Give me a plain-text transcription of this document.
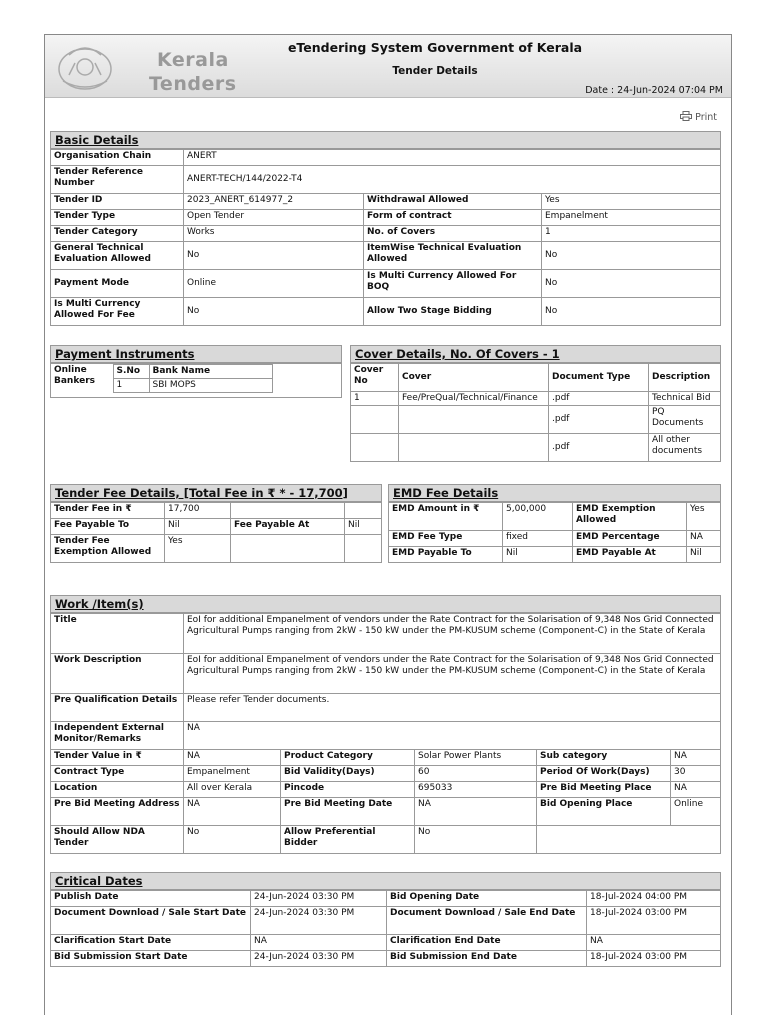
Kerala
Tenders
eTendering System Government of Kerala
Tender Details
Date : 24-Jun-2024 07:04 PM
Print
Basic Details
Organisation Chain	ANERT		
Tender Reference Number	ANERT-TECH/144/2022-T4		
Tender ID	2023_ANERT_614977_2	Withdrawal Allowed	Yes
Tender Type	Open Tender	Form of contract	Empanelment
Tender Category	Works	No. of Covers	1
General Technical Evaluation Allowed	No	ItemWise Technical Evaluation Allowed	No
Payment Mode	Online	Is Multi Currency Allowed For BOQ	No
Is Multi Currency Allowed For Fee	No	Allow Two Stage Bidding	No
Payment Instruments
Online Bankers	
S.No	Bank Name
1	SBI MOPS
Cover Details, No. Of Covers - 1
Cover No	Cover	Document Type	Description
1	Fee/PreQual/Technical/Finance	.pdf	Technical Bid
		.pdf	PQ Documents
		.pdf	All other documents
Tender Fee Details, [Total Fee in ₹ * - 17,700]
Tender Fee in ₹	17,700		
Fee Payable To	Nil	Fee Payable At	Nil
Tender Fee Exemption Allowed	Yes		
EMD Fee Details
EMD Amount in ₹	5,00,000	EMD Exemption Allowed	Yes
EMD Fee Type	fixed	EMD Percentage	NA
EMD Payable To	Nil	EMD Payable At	Nil
Work /Item(s)
Title	EoI for additional Empanelment of vendors under the Rate Contract for the Solarisation of 9,348 Nos Grid Connected Agricultural Pumps ranging from 2kW - 150 kW under the PM-KUSUM scheme (Component-C) in the State of Kerala				
Work Description	EoI for additional Empanelment of vendors under the Rate Contract for the Solarisation of 9,348 Nos Grid Connected Agricultural Pumps ranging from 2kW - 150 kW under the PM-KUSUM scheme (Component-C) in the State of Kerala				
Pre Qualification Details	Please refer Tender documents.				
Independent External Monitor/Remarks	NA				
Tender Value in ₹	NA	Product Category	Solar Power Plants	Sub category	NA
Contract Type	Empanelment	Bid Validity(Days)	60	Period Of Work(Days)	30
Location	All over Kerala	Pincode	695033	Pre Bid Meeting Place	NA
Pre Bid Meeting Address	NA	Pre Bid Meeting Date	NA	Bid Opening Place	Online
Should Allow NDA Tender	No	Allow Preferential Bidder	No		
Critical Dates
Publish Date	24-Jun-2024 03:30 PM	Bid Opening Date	18-Jul-2024 04:00 PM
Document Download / Sale Start Date	24-Jun-2024 03:30 PM	Document Download / Sale End Date	18-Jul-2024 03:00 PM
Clarification Start Date	NA	Clarification End Date	NA
Bid Submission Start Date	24-Jun-2024 03:30 PM	Bid Submission End Date	18-Jul-2024 03:00 PM
